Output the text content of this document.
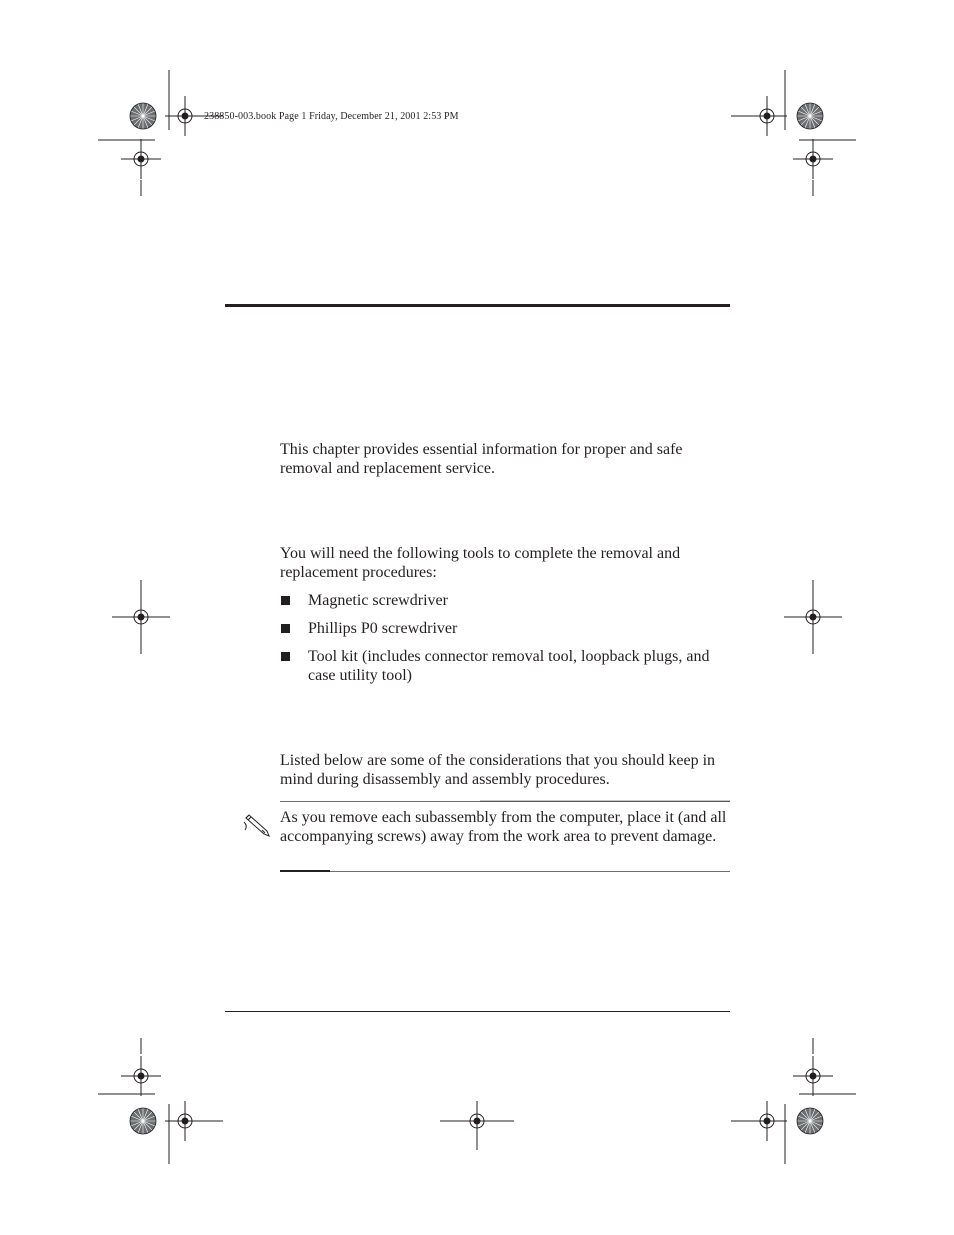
238850-003.book Page 1 Friday, December 21, 2001 2:53 PM

This chapter provides essential information for proper and safe removal and replacement service.

You will need the following tools to complete the removal and replacement procedures:

Magnetic screwdriver
Phillips P0 screwdriver
Tool kit (includes connector removal tool, loopback plugs, and case utility tool)

Listed below are some of the considerations that you should keep in mind during disassembly and assembly procedures.

As you remove each subassembly from the computer, place it (and all accompanying screws) away from the work area to prevent damage.
